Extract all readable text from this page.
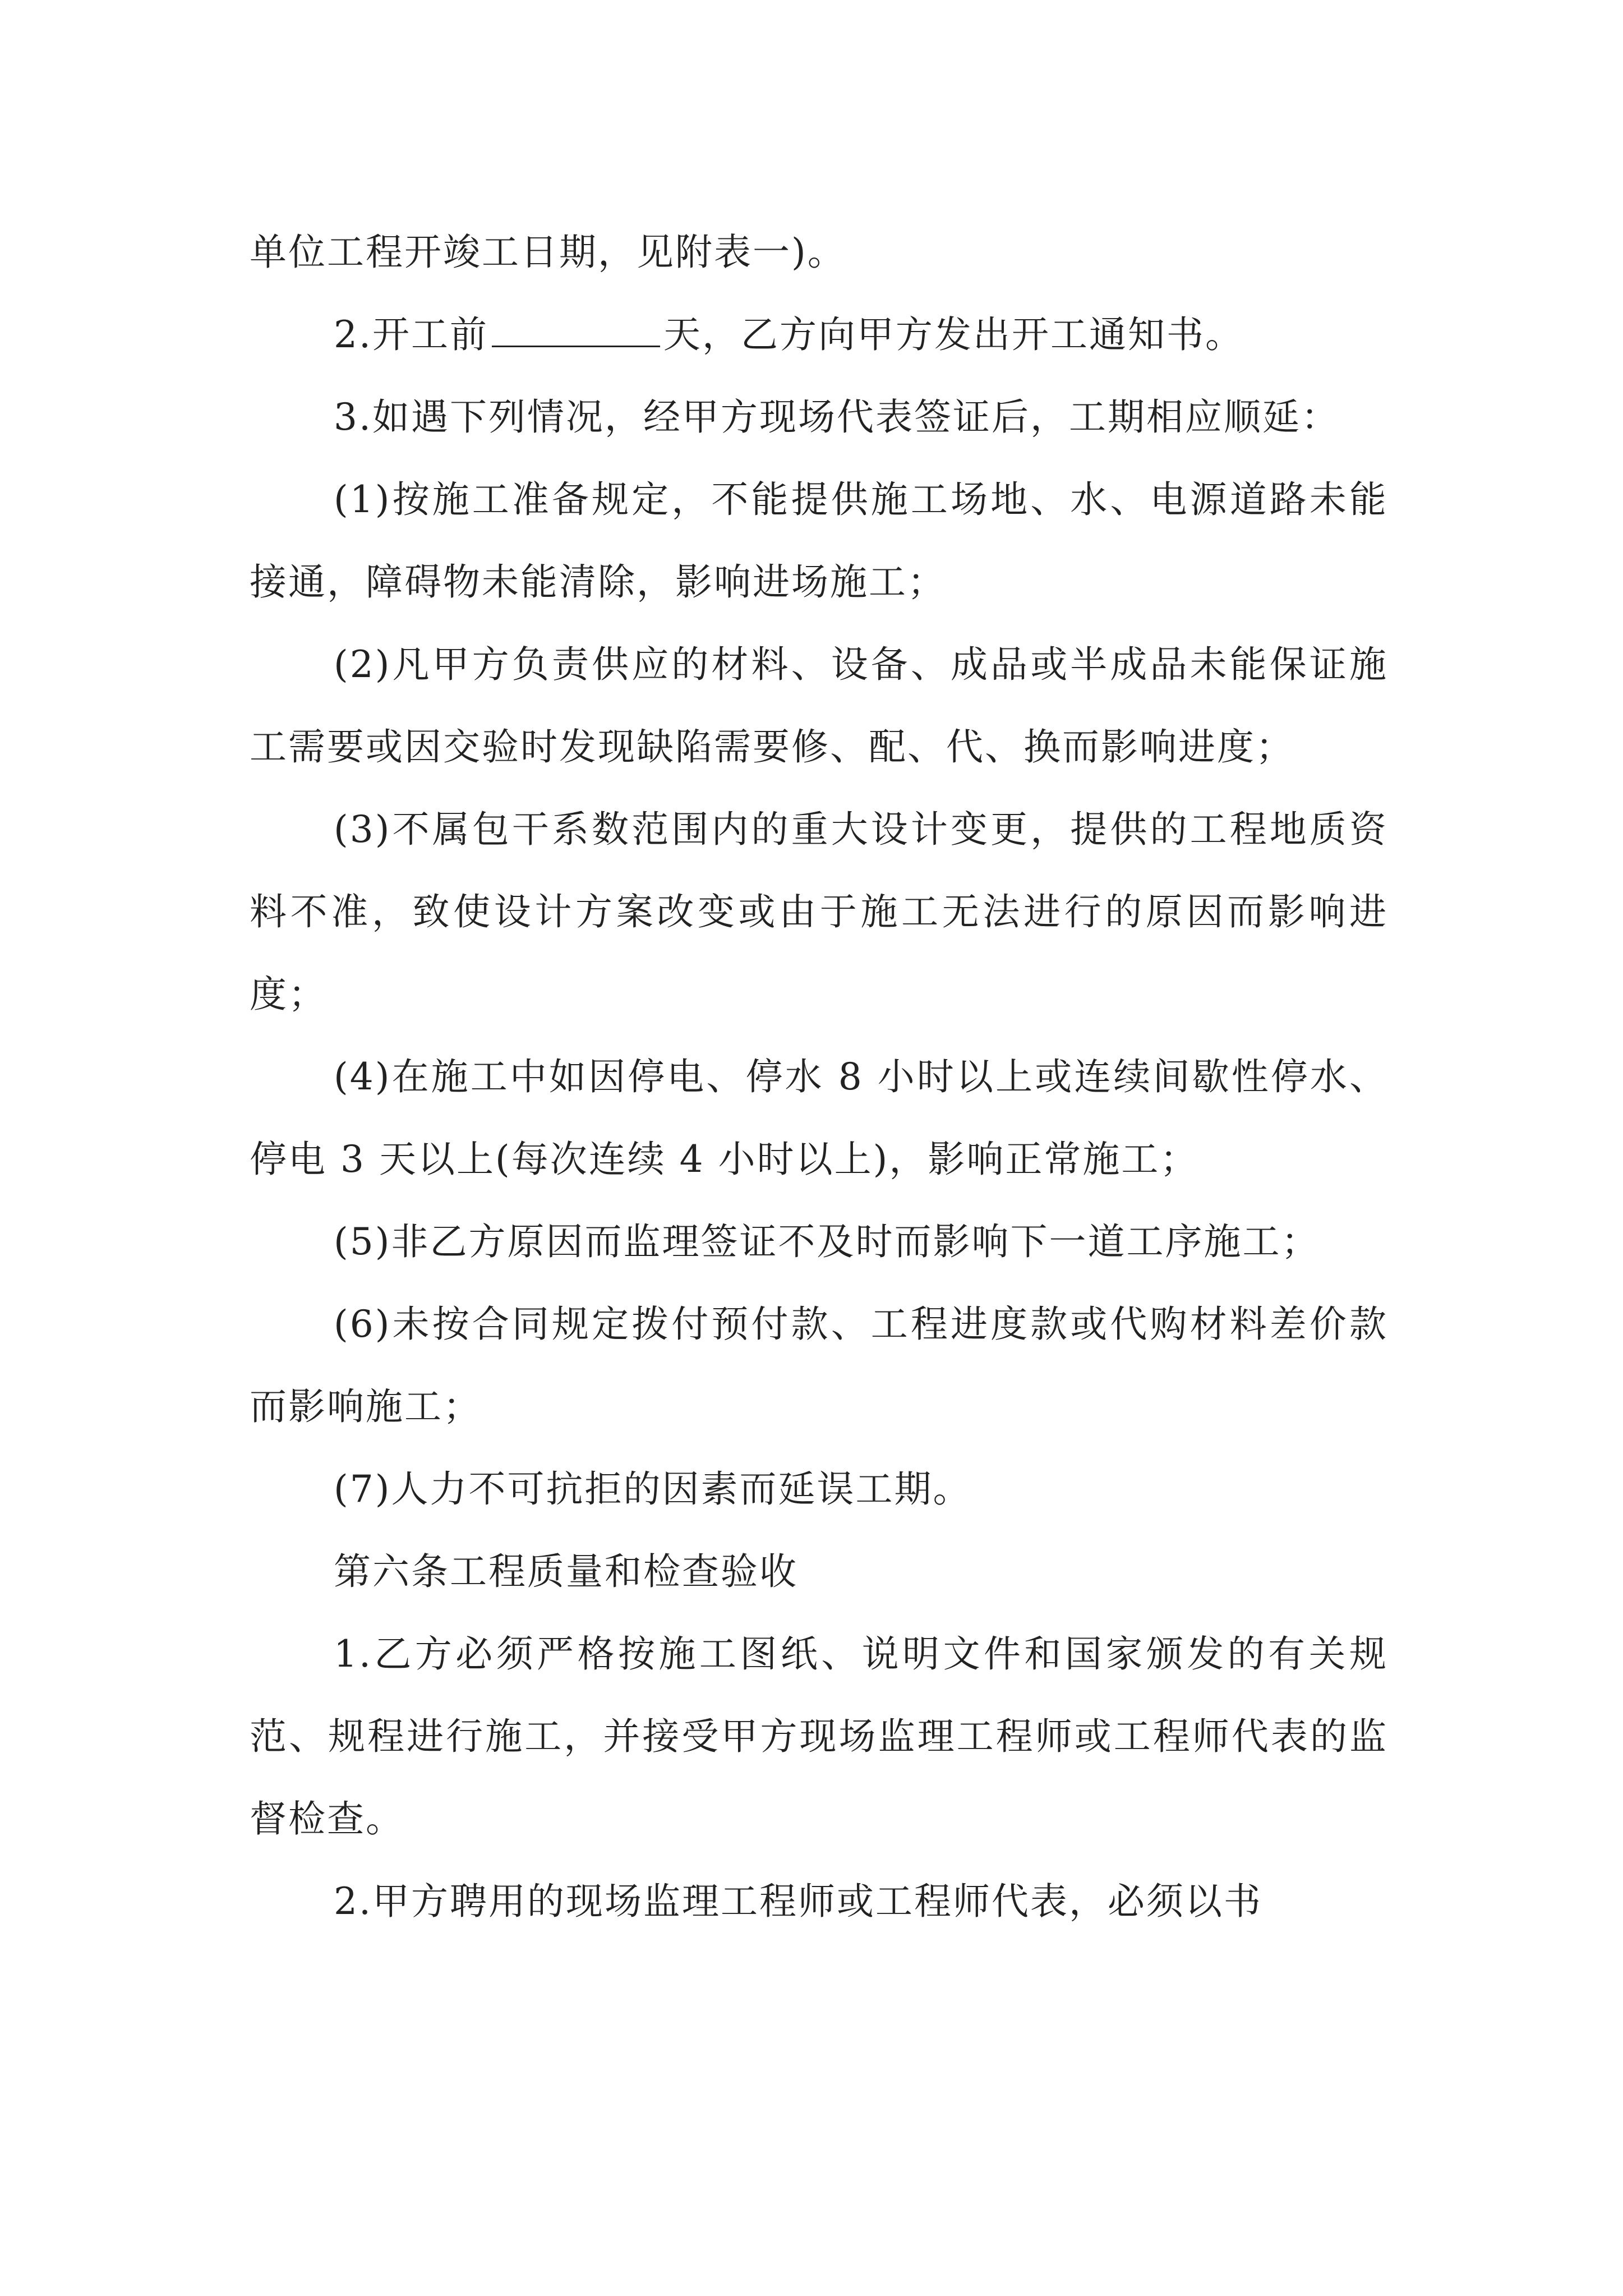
单位工程开竣工日期，见附表一)。

2.开工前	天，乙方向甲方发出开工通知书。

3.如遇下列情况，经甲方现场代表签证后，工期相应顺延：

(1)按施工准备规定，不能提供施工场地、水、电源道路未能接通，障碍物未能清除，影响进场施工；

(2)凡甲方负责供应的材料、设备、成品或半成品未能保证施工需要或因交验时发现缺陷需要修、配、代、换而影响进度；

(3)不属包干系数范围内的重大设计变更，提供的工程地质资料不准，致使设计方案改变或由于施工无法进行的原因而影响进度；

(4)在施工中如因停电、停水 8 小时以上或连续间歇性停水、停电 3 天以上(每次连续 4 小时以上)，影响正常施工；

(5)非乙方原因而监理签证不及时而影响下一道工序施工；

(6)未按合同规定拨付预付款、工程进度款或代购材料差价款而影响施工；

(7)人力不可抗拒的因素而延误工期。

第六条工程质量和检查验收

1.乙方必须严格按施工图纸、说明文件和国家颁发的有关规范、规程进行施工，并接受甲方现场监理工程师或工程师代表的监督检查。

2.甲方聘用的现场监理工程师或工程师代表，必须以书
